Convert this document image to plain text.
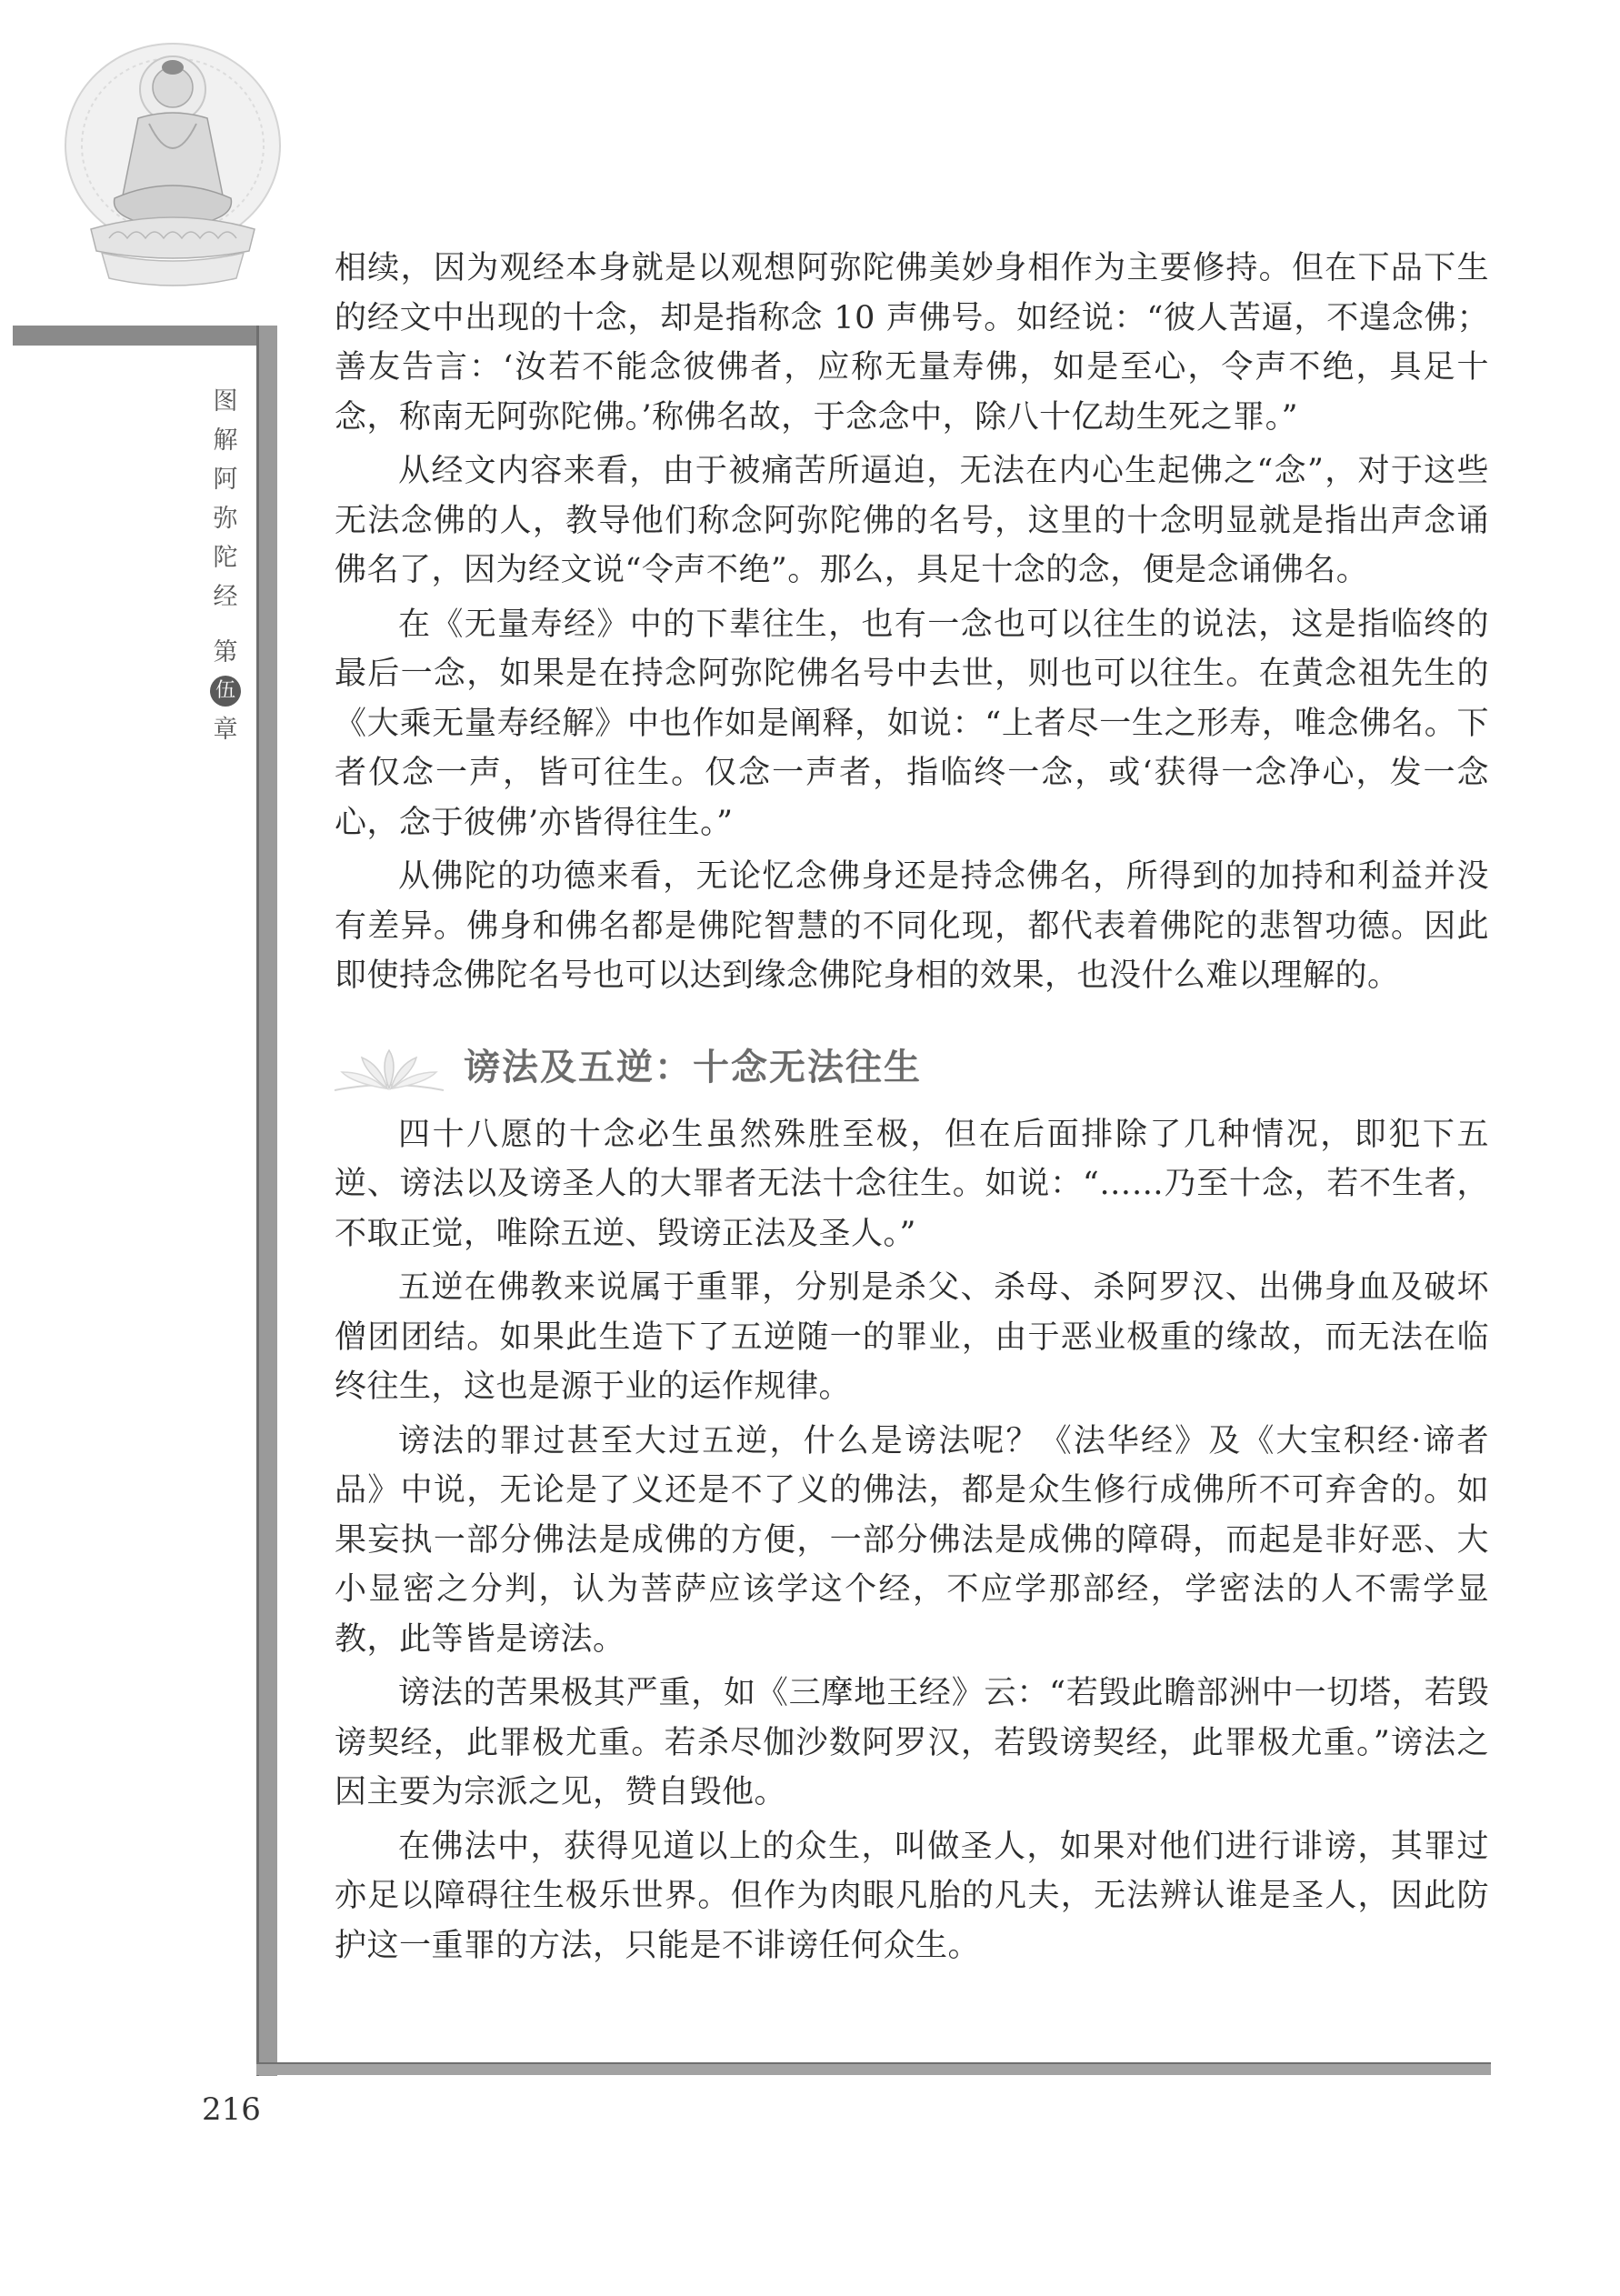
图
解
阿
弥
陀
经
第
伍
章

相续，因为观经本身就是以观想阿弥陀佛美妙身相作为主要修持。但在下品下生的经文中出现的十念，却是指称念 10 声佛号。如经说：“彼人苦逼，不遑念佛；善友告言：‘汝若不能念彼佛者，应称无量寿佛，如是至心，令声不绝，具足十念，称南无阿弥陀佛。’称佛名故，于念念中，除八十亿劫生死之罪。”

从经文内容来看，由于被痛苦所逼迫，无法在内心生起佛之“念”，对于这些无法念佛的人，教导他们称念阿弥陀佛的名号，这里的十念明显就是指出声念诵佛名了，因为经文说“令声不绝”。那么，具足十念的念，便是念诵佛名。

在《无量寿经》中的下辈往生，也有一念也可以往生的说法，这是指临终的最后一念，如果是在持念阿弥陀佛名号中去世，则也可以往生。在黄念祖先生的《大乘无量寿经解》中也作如是阐释，如说：“上者尽一生之形寿，唯念佛名。下者仅念一声，皆可往生。仅念一声者，指临终一念，或‘获得一念净心，发一念心，念于彼佛’亦皆得往生。”

从佛陀的功德来看，无论忆念佛身还是持念佛名，所得到的加持和利益并没有差异。佛身和佛名都是佛陀智慧的不同化现，都代表着佛陀的悲智功德。因此即使持念佛陀名号也可以达到缘念佛陀身相的效果，也没什么难以理解的。

谤法及五逆：十念无法往生

四十八愿的十念必生虽然殊胜至极，但在后面排除了几种情况，即犯下五逆、谤法以及谤圣人的大罪者无法十念往生。如说：“……乃至十念，若不生者，不取正觉，唯除五逆、毁谤正法及圣人。”

五逆在佛教来说属于重罪，分别是杀父、杀母、杀阿罗汉、出佛身血及破坏僧团团结。如果此生造下了五逆随一的罪业，由于恶业极重的缘故，而无法在临终往生，这也是源于业的运作规律。

谤法的罪过甚至大过五逆，什么是谤法呢？《法华经》及《大宝积经·谛者品》中说，无论是了义还是不了义的佛法，都是众生修行成佛所不可弃舍的。如果妄执一部分佛法是成佛的方便，一部分佛法是成佛的障碍，而起是非好恶、大小显密之分判，认为菩萨应该学这个经，不应学那部经，学密法的人不需学显教，此等皆是谤法。

谤法的苦果极其严重，如《三摩地王经》云：“若毁此瞻部洲中一切塔，若毁谤契经，此罪极尤重。若杀尽伽沙数阿罗汉，若毁谤契经，此罪极尤重。”谤法之因主要为宗派之见，赞自毁他。

在佛法中，获得见道以上的众生，叫做圣人，如果对他们进行诽谤，其罪过亦足以障碍往生极乐世界。但作为肉眼凡胎的凡夫，无法辨认谁是圣人，因此防护这一重罪的方法，只能是不诽谤任何众生。

216
